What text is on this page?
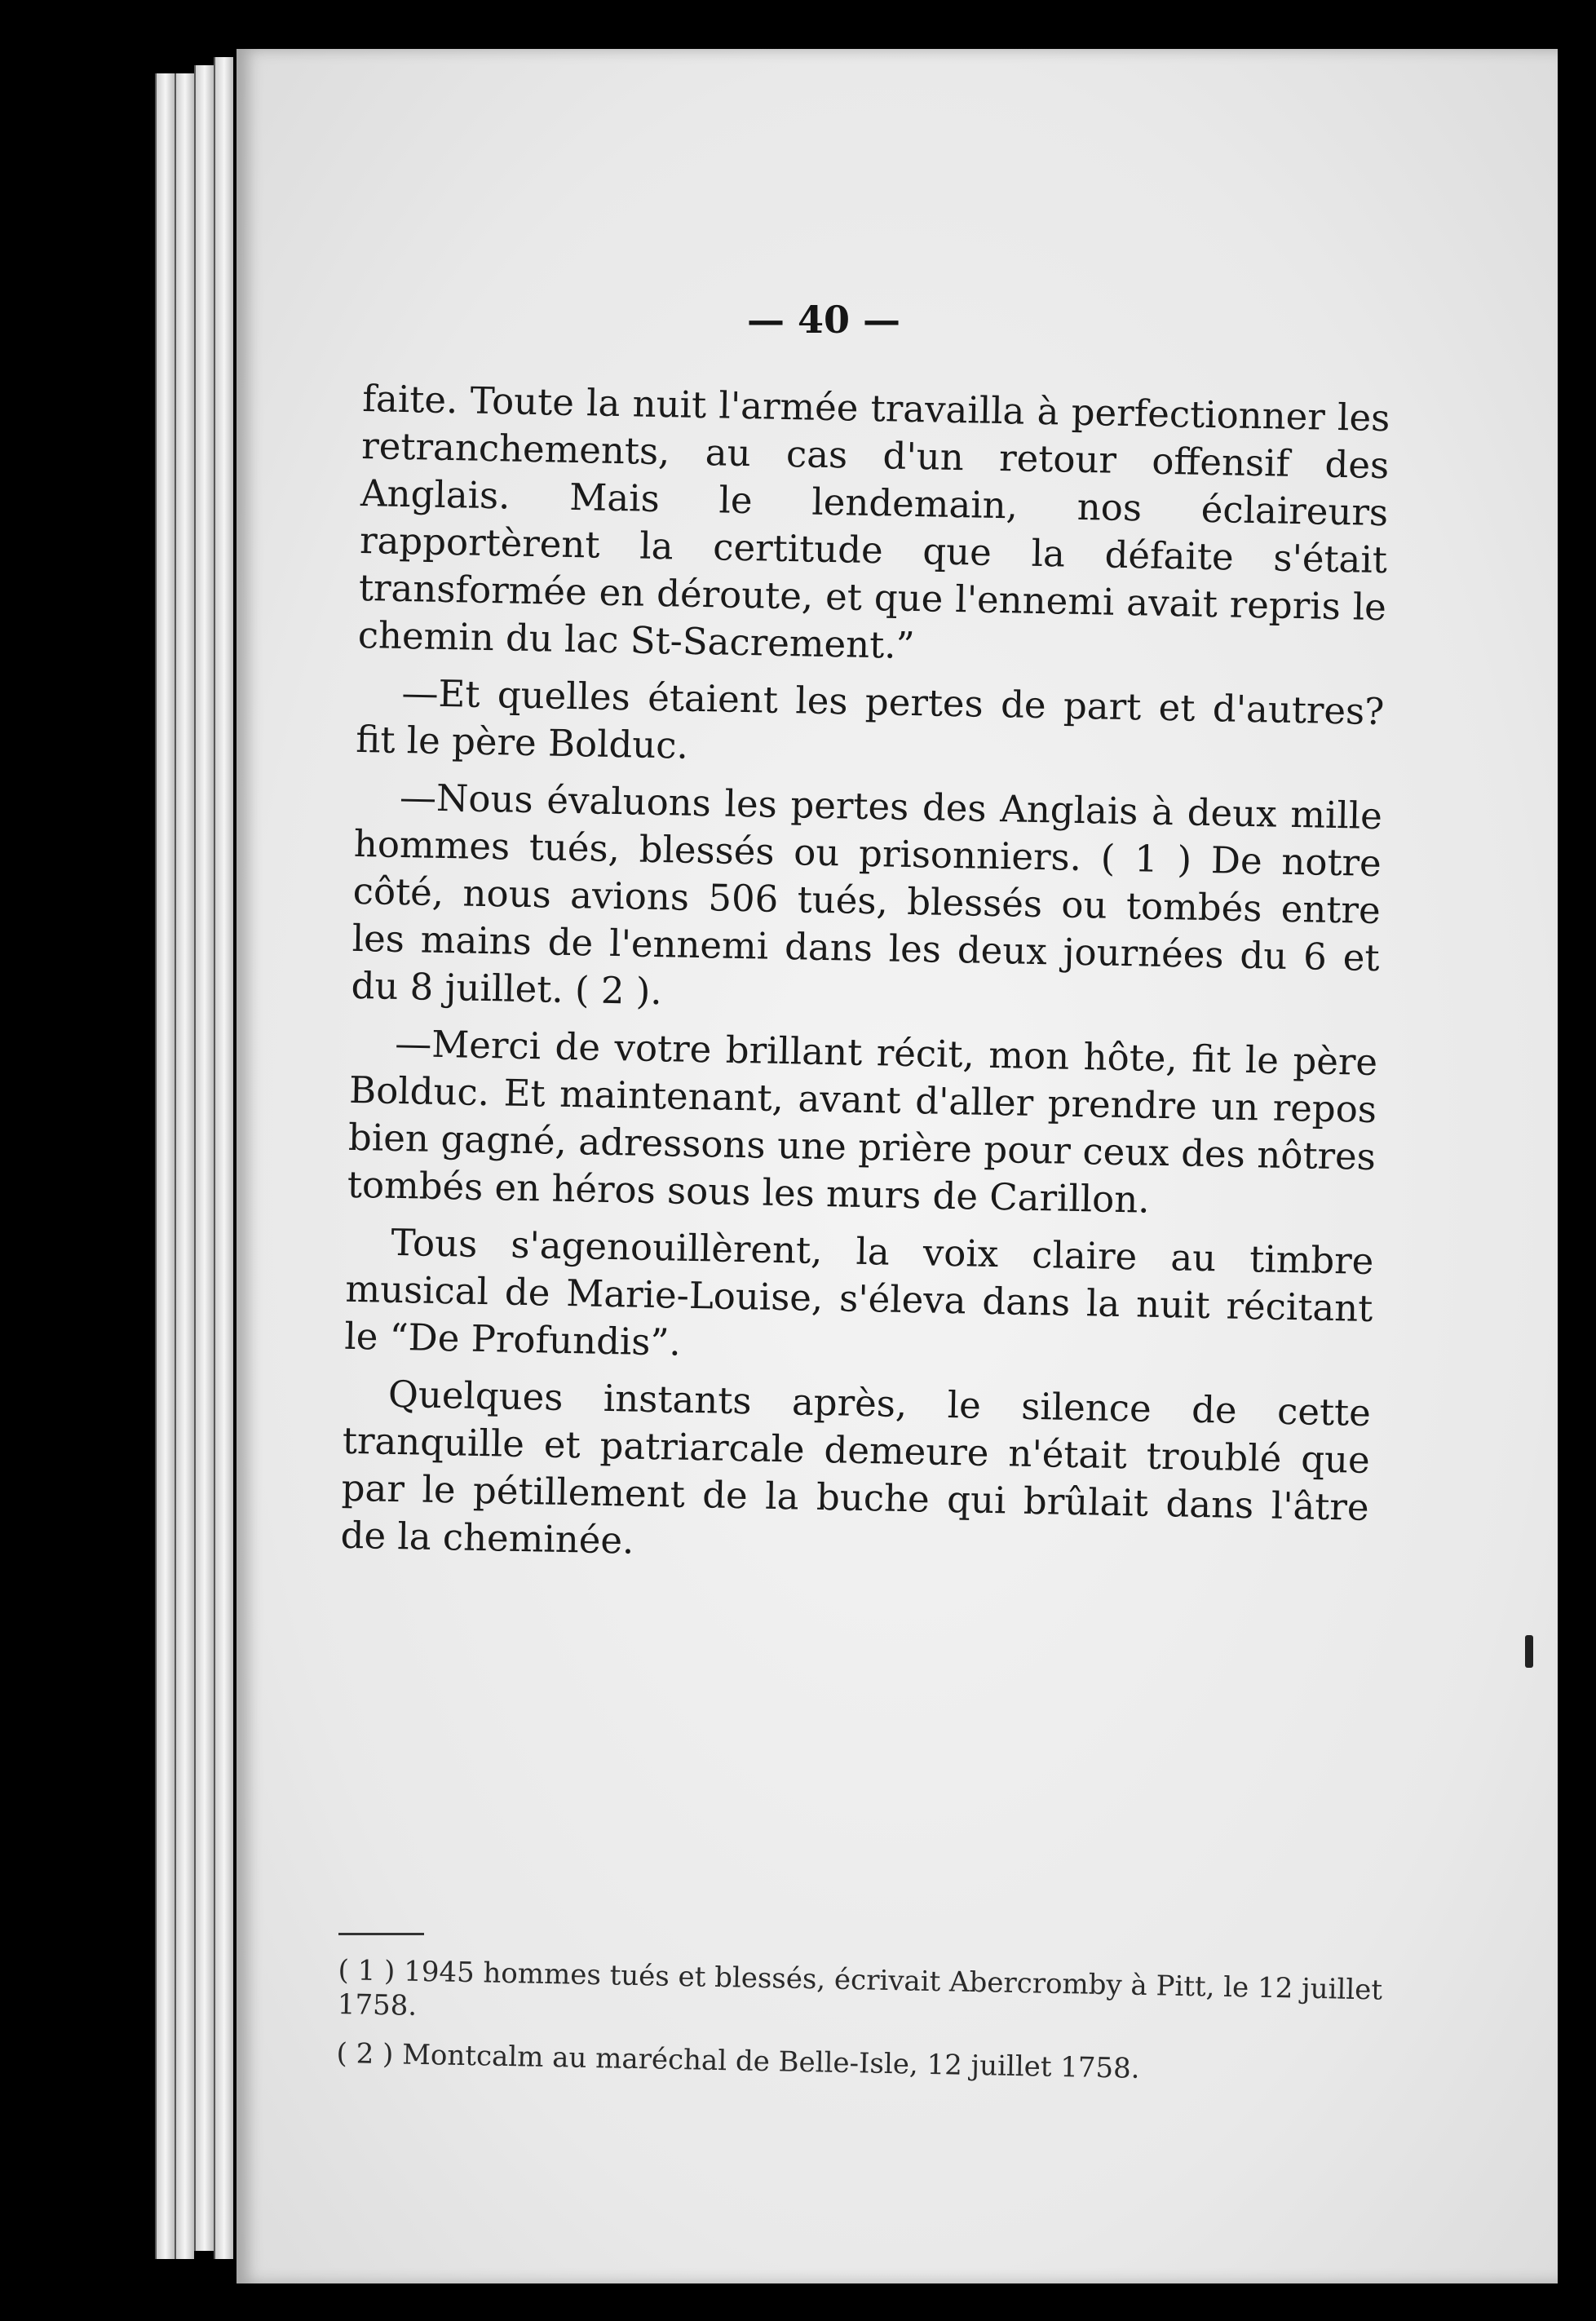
— 40 —

faite. Toute la nuit l'armée travailla à perfectionner les retranchements, au cas d'un retour offensif des Anglais. Mais le lendemain, nos éclaireurs rapportèrent la certitude que la défaite s'était transformée en déroute, et que l'ennemi avait repris le chemin du lac St-Sacrement.”

—Et quelles étaient les pertes de part et d'autres? fit le père Bolduc.

—Nous évaluons les pertes des Anglais à deux mille hommes tués, blessés ou prisonniers. ( 1 ) De notre côté, nous avions 506 tués, blessés ou tombés entre les mains de l'ennemi dans les deux journées du 6 et du 8 juillet. ( 2 ).

—Merci de votre brillant récit, mon hôte, fit le père Bolduc. Et maintenant, avant d'aller prendre un repos bien gagné, adressons une prière pour ceux des nôtres tombés en héros sous les murs de Carillon.

Tous s'agenouillèrent, la voix claire au timbre musical de Marie-Louise, s'éleva dans la nuit récitant le “De Profundis”.

Quelques instants après, le silence de cette tranquille et patriarcale demeure n'était troublé que par le pétillement de la buche qui brûlait dans l'âtre de la cheminée.

( 1 ) 1945 hommes tués et blessés, écrivait Abercromby à Pitt, le 12 juillet 1758.

( 2 ) Montcalm au maréchal de Belle-Isle, 12 juillet 1758.
